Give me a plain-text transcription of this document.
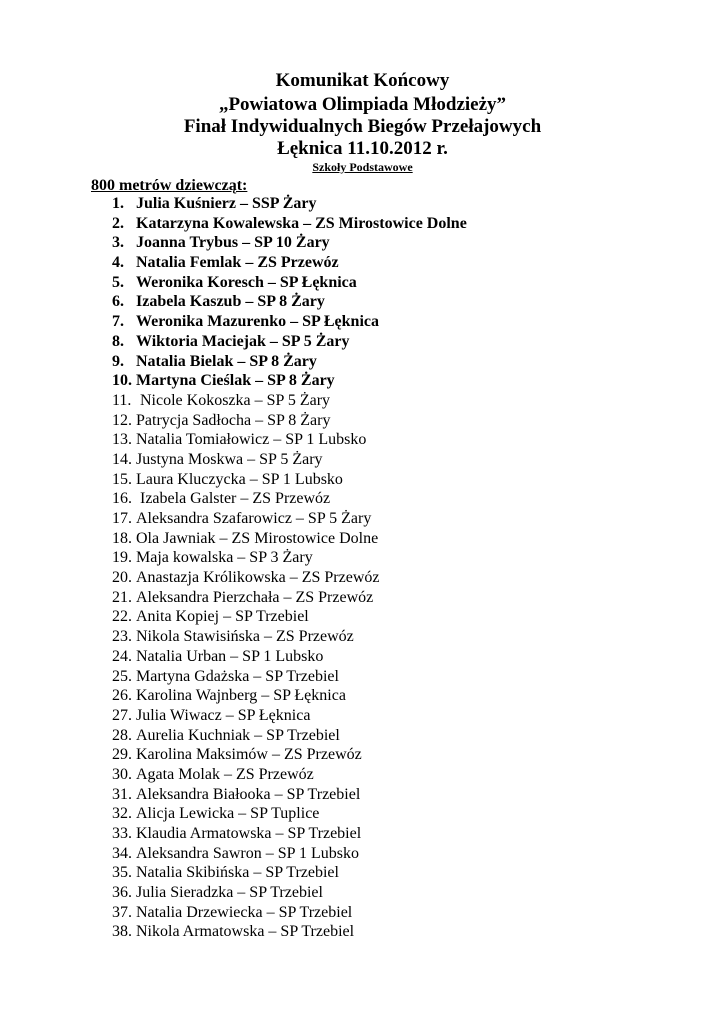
Komunikat Końcowy
„Powiatowa Olimpiada Młodzieży”
Finał Indywidualnych Biegów Przełajowych
Łęknica 11.10.2012 r.
Szkoły Podstawowe
800 metrów dziewcząt:
1. Julia Kuśnierz – SSP Żary
2. Katarzyna Kowalewska – ZS Mirostowice Dolne
3. Joanna Trybus – SP 10 Żary
4. Natalia Femlak – ZS Przewóz
5. Weronika Koresch – SP Łęknica
6. Izabela Kaszub – SP 8 Żary
7. Weronika Mazurenko – SP Łęknica
8. Wiktoria Maciejak – SP 5 Żary
9. Natalia Bielak – SP 8 Żary
10. Martyna Cieślak – SP 8 Żary
11. Nicole Kokoszka – SP 5 Żary
12. Patrycja Sadłocha – SP 8 Żary
13. Natalia Tomiałowicz – SP 1 Lubsko
14. Justyna Moskwa – SP 5 Żary
15. Laura Kluczycka – SP 1 Lubsko
16. Izabela Galster – ZS Przewóz
17. Aleksandra Szafarowicz – SP 5 Żary
18. Ola Jawniak – ZS Mirostowice Dolne
19. Maja kowalska – SP 3 Żary
20. Anastazja Królikowska – ZS Przewóz
21. Aleksandra Pierzchała – ZS Przewóz
22. Anita Kopiej – SP Trzebiel
23. Nikola Stawisińska – ZS Przewóz
24. Natalia Urban – SP 1 Lubsko
25. Martyna Gdażska – SP Trzebiel
26. Karolina Wajnberg – SP Łęknica
27. Julia Wiwacz – SP Łęknica
28. Aurelia Kuchniak – SP Trzebiel
29. Karolina Maksimów – ZS Przewóz
30. Agata Molak – ZS Przewóz
31. Aleksandra Białooka – SP Trzebiel
32. Alicja Lewicka – SP Tuplice
33. Klaudia Armatowska – SP Trzebiel
34. Aleksandra Sawron – SP 1 Lubsko
35. Natalia Skibińska – SP Trzebiel
36. Julia Sieradzka – SP Trzebiel
37. Natalia Drzewiecka – SP Trzebiel
38. Nikola Armatowska – SP Trzebiel
